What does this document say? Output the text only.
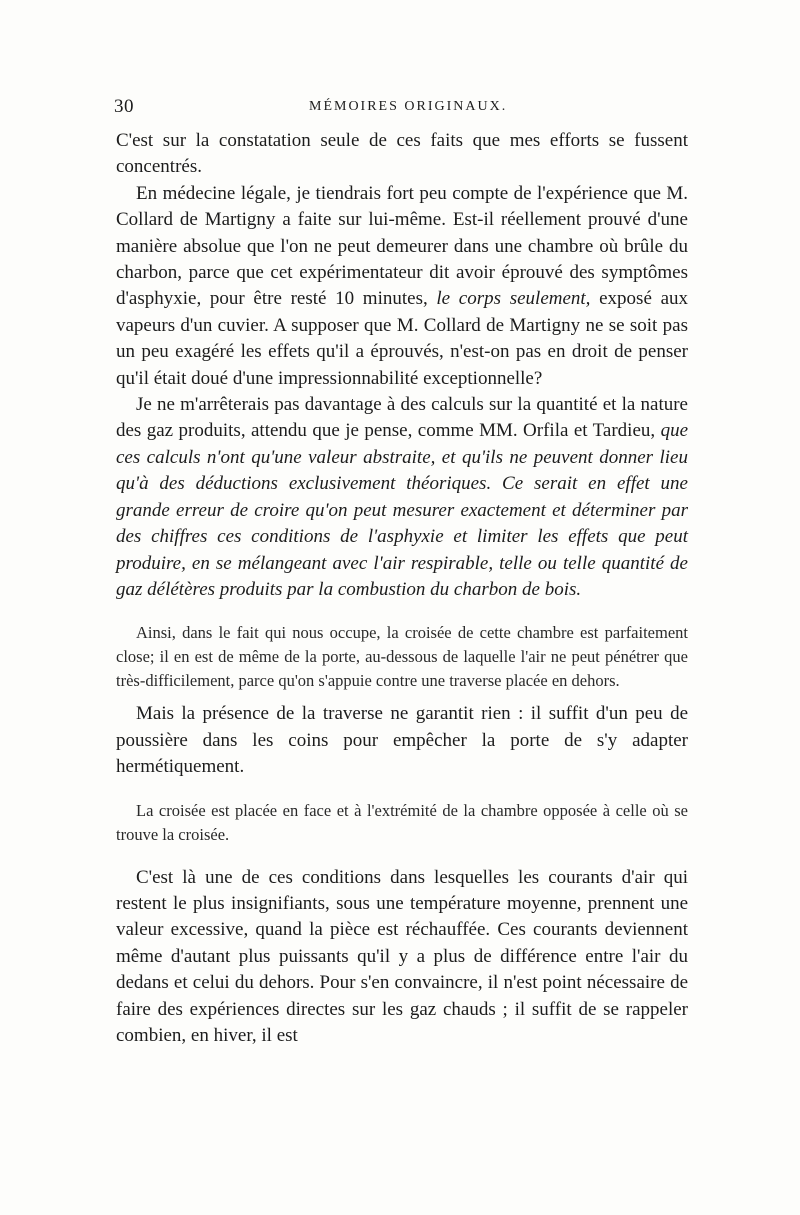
30	MÉMOIRES ORIGINAUX.

C'est sur la constatation seule de ces faits que mes efforts se fussent concentrés.

En médecine légale, je tiendrais fort peu compte de l'expérience que M. Collard de Martigny a faite sur lui-même. Est-il réellement prouvé d'une manière absolue que l'on ne peut demeurer dans une chambre où brûle du charbon, parce que cet expérimentateur dit avoir éprouvé des symptômes d'asphyxie, pour être resté 10 minutes, le corps seulement, exposé aux vapeurs d'un cuvier. A supposer que M. Collard de Martigny ne se soit pas un peu exagéré les effets qu'il a éprouvés, n'est-on pas en droit de penser qu'il était doué d'une impressionnabilité exceptionnelle?

Je ne m'arrêterais pas davantage à des calculs sur la quantité et la nature des gaz produits, attendu que je pense, comme MM. Orfila et Tardieu, que ces calculs n'ont qu'une valeur abstraite, et qu'ils ne peuvent donner lieu qu'à des déductions exclusivement théoriques. Ce serait en effet une grande erreur de croire qu'on peut mesurer exactement et déterminer par des chiffres ces conditions de l'asphyxie et limiter les effets que peut produire, en se mélangeant avec l'air respirable, telle ou telle quantité de gaz délétères produits par la combustion du charbon de bois.

Ainsi, dans le fait qui nous occupe, la croisée de cette chambre est parfaitement close; il en est de même de la porte, au-dessous de laquelle l'air ne peut pénétrer que très-difficilement, parce qu'on s'appuie contre une traverse placée en dehors.

Mais la présence de la traverse ne garantit rien : il suffit d'un peu de poussière dans les coins pour empêcher la porte de s'y adapter hermétiquement.

La croisée est placée en face et à l'extrémité de la chambre opposée à celle où se trouve la croisée.

C'est là une de ces conditions dans lesquelles les courants d'air qui restent le plus insignifiants, sous une température moyenne, prennent une valeur excessive, quand la pièce est réchauffée. Ces courants deviennent même d'autant plus puissants qu'il y a plus de différence entre l'air du dedans et celui du dehors. Pour s'en convaincre, il n'est point nécessaire de faire des expériences directes sur les gaz chauds ; il suffit de se rappeler combien, en hiver, il est
